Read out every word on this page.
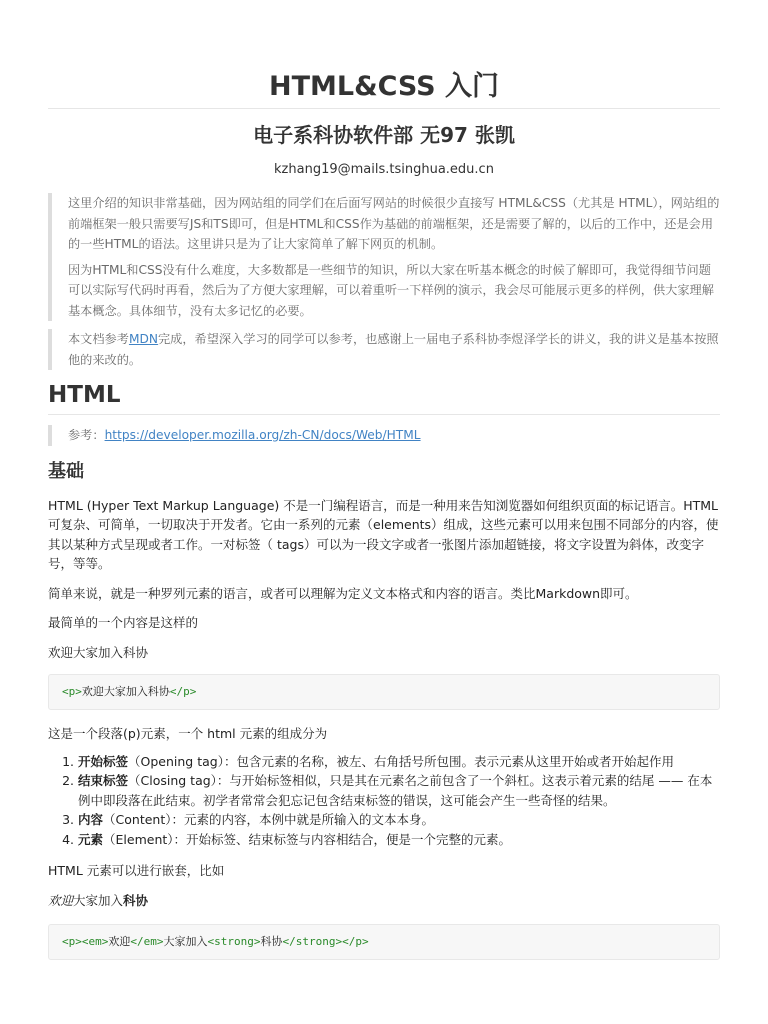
HTML&CSS 入门
电子系科协软件部 无97 张凯
kzhang19@mails.tsinghua.edu.cn

这里介绍的知识非常基础，因为网站组的同学们在后面写网站的时候很少直接写 HTML&CSS（尤其是 HTML），网站组的前端框架一般只需要写JS和TS即可，但是HTML和CSS作为基础的前端框架，还是需要了解的，以后的工作中，还是会用的一些HTML的语法。这里讲只是为了让大家简单了解下网页的机制。

因为HTML和CSS没有什么难度，大多数都是一些细节的知识，所以大家在听基本概念的时候了解即可，我觉得细节问题可以实际写代码时再看，然后为了方便大家理解，可以着重听一下样例的演示，我会尽可能展示更多的样例，供大家理解基本概念。具体细节，没有太多记忆的必要。

本文档参考MDN完成，希望深入学习的同学可以参考，也感谢上一届电子系科协李煜泽学长的讲义，我的讲义是基本按照他的来改的。

HTML

参考：https://developer.mozilla.org/zh-CN/docs/Web/HTML

基础

HTML (Hyper Text Markup Language) 不是一门编程语言，而是一种用来告知浏览器如何组织页面的标记语言。HTML 可复杂、可简单，一切取决于开发者。它由一系列的元素（elements）组成，这些元素可以用来包围不同部分的内容，使其以某种方式呈现或者工作。一对标签（ tags）可以为一段文字或者一张图片添加超链接，将文字设置为斜体，改变字号，等等。

简单来说，就是一种罗列元素的语言，或者可以理解为定义文本格式和内容的语言。类比Markdown即可。

最简单的一个内容是这样的

欢迎大家加入科协

<p>欢迎大家加入科协</p>

这是一个段落(p)元素，一个 html 元素的组成分为

1. 开始标签（Opening tag）：包含元素的名称，被左、右角括号所包围。表示元素从这里开始或者开始起作用
2. 结束标签（Closing tag）：与开始标签相似，只是其在元素名之前包含了一个斜杠。这表示着元素的结尾 —— 在本例中即段落在此结束。初学者常常会犯忘记包含结束标签的错误，这可能会产生一些奇怪的结果。
3. 内容（Content）：元素的内容，本例中就是所输入的文本本身。
4. 元素（Element）：开始标签、结束标签与内容相结合，便是一个完整的元素。

HTML 元素可以进行嵌套，比如

欢迎大家加入科协

<p><em>欢迎</em>大家加入<strong>科协</strong></p>
